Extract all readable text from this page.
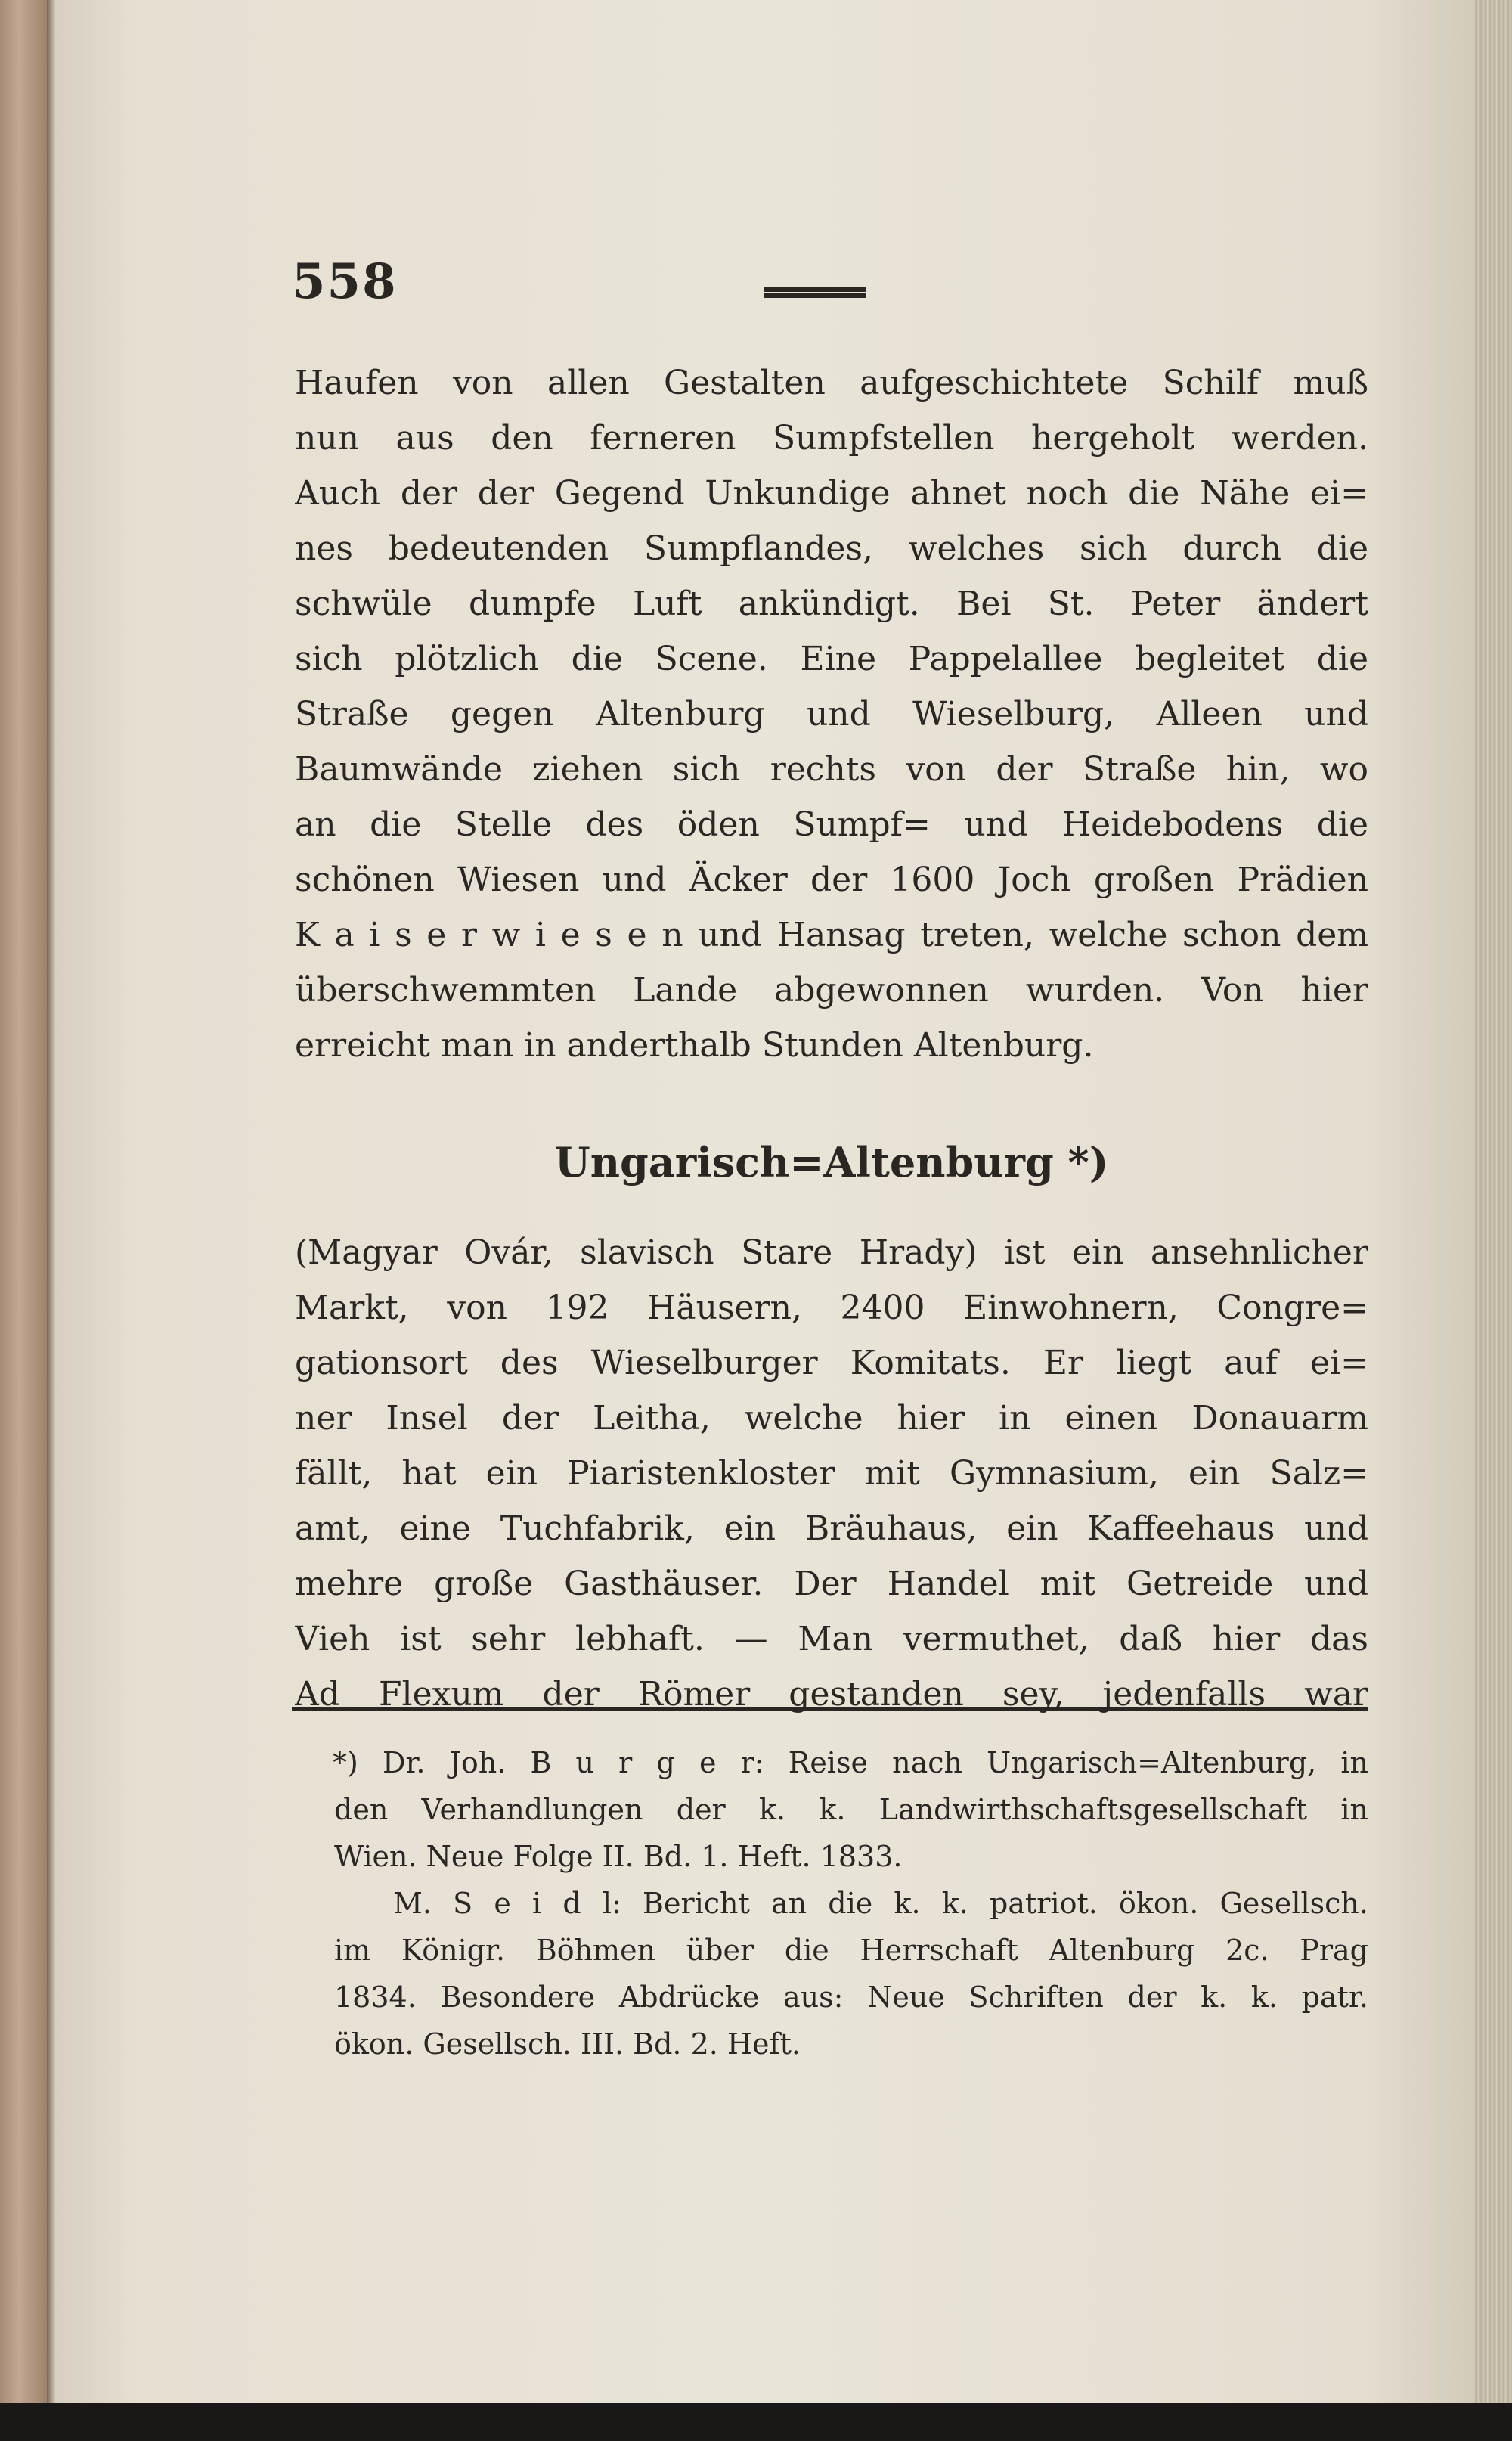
558
Haufen von allen Gestalten aufgeschichtete Schilf muß
nun aus den ferneren Sumpfstellen hergeholt werden.
Auch der der Gegend Unkundige ahnet noch die Nähe ei=
nes bedeutenden Sumpflandes, welches sich durch die
schwüle dumpfe Luft ankündigt. Bei St. Peter ändert
sich plötzlich die Scene. Eine Pappelallee begleitet die
Straße gegen Altenburg und Wieselburg, Alleen und
Baumwände ziehen sich rechts von der Straße hin, wo
an die Stelle des öden Sumpf= und Heidebodens die
schönen Wiesen und Äcker der 1600 Joch großen Prädien
K a i s e r w i e s e n und Hansag treten, welche schon dem
überschwemmten Lande abgewonnen wurden. Von hier
erreicht man in anderthalb Stunden Altenburg.
Ungarisch=Altenburg *)
(Magyar Ovár, slavisch Stare Hrady) ist ein ansehnlicher
Markt, von 192 Häusern, 2400 Einwohnern, Congre=
gationsort des Wieselburger Komitats. Er liegt auf ei=
ner Insel der Leitha, welche hier in einen Donauarm
fällt, hat ein Piaristenkloster mit Gymnasium, ein Salz=
amt, eine Tuchfabrik, ein Bräuhaus, ein Kaffeehaus und
mehre große Gasthäuser. Der Handel mit Getreide und
Vieh ist sehr lebhaft. — Man vermuthet, daß hier das
Ad Flexum der Römer gestanden sey, jedenfalls war
*) Dr. Joh. B u r g e r: Reise nach Ungarisch=Altenburg, in
den Verhandlungen der k. k. Landwirthschaftsgesellschaft in
Wien. Neue Folge II. Bd. 1. Heft. 1833.
M. S e i d l: Bericht an die k. k. patriot. ökon. Gesellsch.
im Königr. Böhmen über die Herrschaft Altenburg 2c. Prag
1834. Besondere Abdrücke aus: Neue Schriften der k. k. patr.
ökon. Gesellsch. III. Bd. 2. Heft.
